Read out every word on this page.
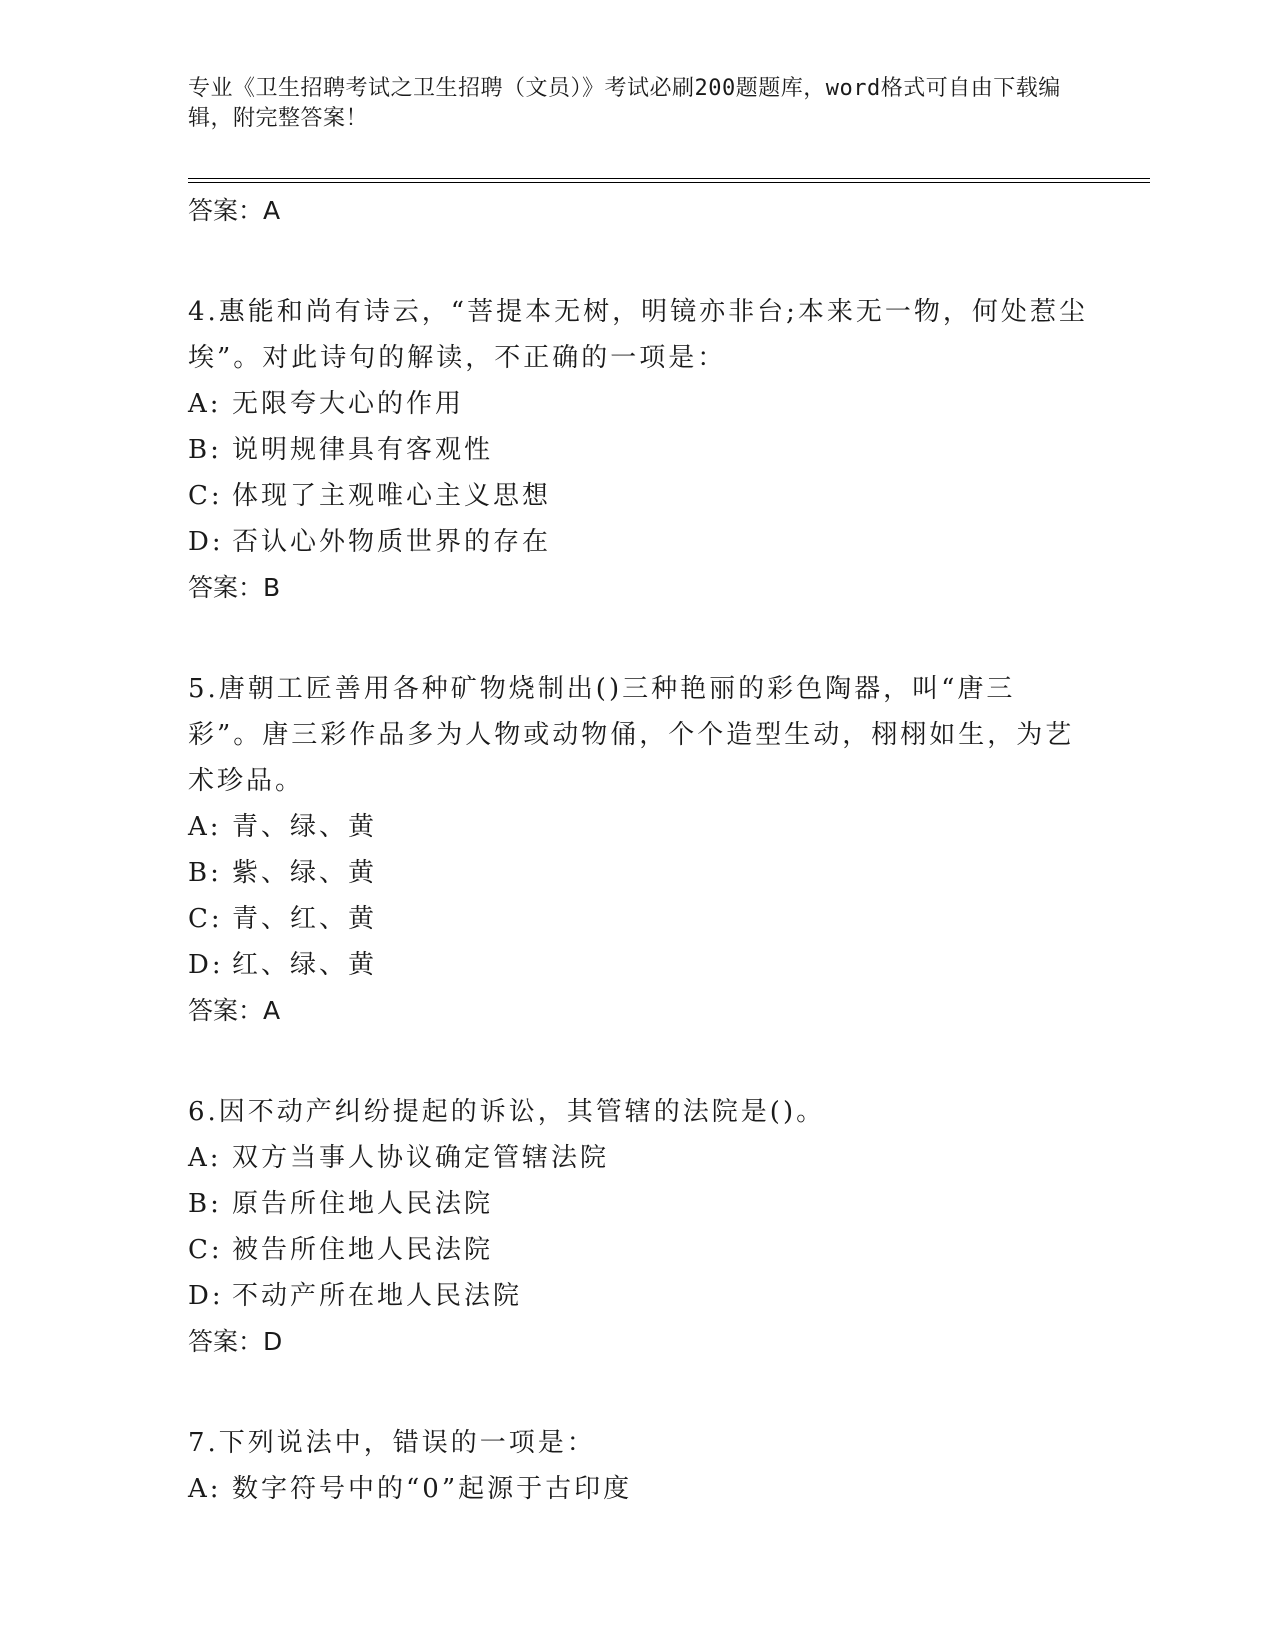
专业《卫生招聘考试之卫生招聘（文员）》考试必刷200题题库，word格式可自由下载编辑，附完整答案！

答案：A

4.惠能和尚有诗云，“菩提本无树，明镜亦非台;本来无一物，何处惹尘埃”。对此诗句的解读，不正确的一项是：

A: 无限夸大心的作用

B: 说明规律具有客观性

C: 体现了主观唯心主义思想

D: 否认心外物质世界的存在

答案：B

5.唐朝工匠善用各种矿物烧制出()三种艳丽的彩色陶器，叫“唐三彩”。唐三彩作品多为人物或动物俑，个个造型生动，栩栩如生，为艺术珍品。

A: 青、绿、黄

B: 紫、绿、黄

C: 青、红、黄

D: 红、绿、黄

答案：A

6.因不动产纠纷提起的诉讼，其管辖的法院是()。

A: 双方当事人协议确定管辖法院

B: 原告所住地人民法院

C: 被告所住地人民法院

D: 不动产所在地人民法院

答案：D

7.下列说法中，错误的一项是：

A: 数字符号中的“0”起源于古印度
